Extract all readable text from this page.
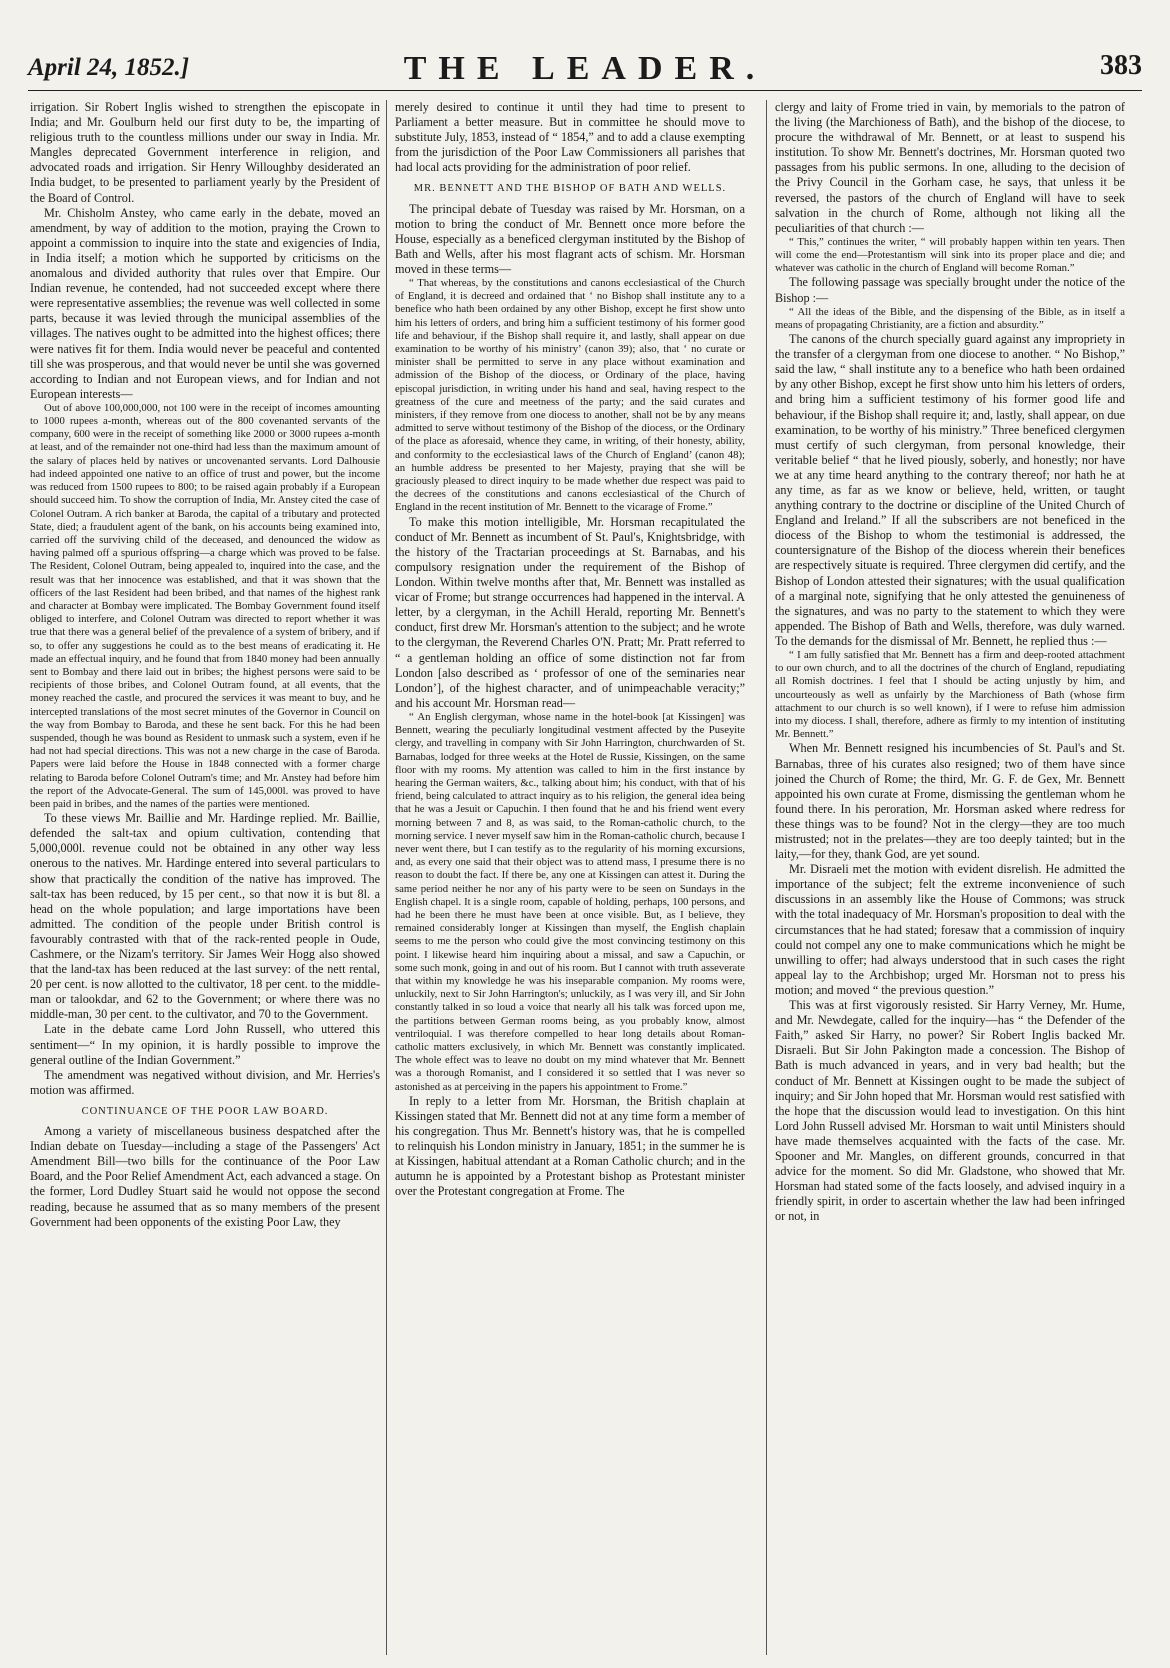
April 24, 1852.]	THE LEADER.	383

irrigation. Sir Robert Inglis wished to strengthen the episcopate in India; and Mr. Goulburn held our first duty to be, the imparting of religious truth to the countless millions under our sway in India. Mr. Mangles deprecated Government interference in religion, and advocated roads and irrigation. Sir Henry Willoughby desiderated an India budget, to be presented to parliament yearly by the President of the Board of Control.

Mr. Chisholm Anstey, who came early in the debate, moved an amendment, by way of addition to the motion, praying the Crown to appoint a commission to inquire into the state and exigencies of India, in India itself; a motion which he supported by criticisms on the anomalous and divided authority that rules over that Empire. Our Indian revenue, he contended, had not succeeded except where there were representative assemblies; the revenue was well collected in some parts, because it was levied through the municipal assemblies of the villages. The natives ought to be admitted into the highest offices; there were natives fit for them. India would never be peaceful and contented till she was prosperous, and that would never be until she was governed according to Indian and not European views, and for Indian and not European interests—

Out of above 100,000,000, not 100 were in the receipt of incomes amounting to 1000 rupees a-month, whereas out of the 800 covenanted servants of the company, 600 were in the receipt of something like 2000 or 3000 rupees a-month at least, and of the remainder not one-third had less than the maximum amount of the salary of places held by natives or uncovenanted servants. Lord Dalhousie had indeed appointed one native to an office of trust and power, but the income was reduced from 1500 rupees to 800; to be raised again probably if a European should succeed him. To show the corruption of India, Mr. Anstey cited the case of Colonel Outram. A rich banker at Baroda, the capital of a tributary and protected State, died; a fraudulent agent of the bank, on his accounts being examined into, carried off the surviving child of the deceased, and denounced the widow as having palmed off a spurious offspring—a charge which was proved to be false. The Resident, Colonel Outram, being appealed to, inquired into the case, and the result was that her innocence was established, and that it was shown that the officers of the last Resident had been bribed, and that names of the highest rank and character at Bombay were implicated. The Bombay Government found itself obliged to interfere, and Colonel Outram was directed to report whether it was true that there was a general belief of the prevalence of a system of bribery, and if so, to offer any suggestions he could as to the best means of eradicating it. He made an effectual inquiry, and he found that from 1840 money had been annually sent to Bombay and there laid out in bribes; the highest persons were said to be recipients of those bribes, and Colonel Outram found, at all events, that the money reached the castle, and procured the services it was meant to buy, and he intercepted translations of the most secret minutes of the Governor in Council on the way from Bombay to Baroda, and these he sent back. For this he had been suspended, though he was bound as Resident to unmask such a system, even if he had not had special directions. This was not a new charge in the case of Baroda. Papers were laid before the House in 1848 connected with a former charge relating to Baroda before Colonel Outram's time; and Mr. Anstey had before him the report of the Advocate-General. The sum of 145,000l. was proved to have been paid in bribes, and the names of the parties were mentioned.

To these views Mr. Baillie and Mr. Hardinge replied. Mr. Baillie, defended the salt-tax and opium cultivation, contending that 5,000,000l. revenue could not be obtained in any other way less onerous to the natives. Mr. Hardinge entered into several particulars to show that practically the condition of the native has improved. The salt-tax has been reduced, by 15 per cent., so that now it is but 8l. a head on the whole population; and large importations have been admitted. The condition of the people under British control is favourably contrasted with that of the rack-rented people in Oude, Cashmere, or the Nizam's territory. Sir James Weir Hogg also showed that the land-tax has been reduced at the last survey: of the nett rental, 20 per cent. is now allotted to the cultivator, 18 per cent. to the middle-man or talookdar, and 62 to the Government; or where there was no middle-man, 30 per cent. to the cultivator, and 70 to the Government.

Late in the debate came Lord John Russell, who uttered this sentiment—“ In my opinion, it is hardly possible to improve the general outline of the Indian Government.”

The amendment was negatived without division, and Mr. Herries's motion was affirmed.

CONTINUANCE OF THE POOR LAW BOARD.

Among a variety of miscellaneous business despatched after the Indian debate on Tuesday—including a stage of the Passengers' Act Amendment Bill—two bills for the continuance of the Poor Law Board, and the Poor Relief Amendment Act, each advanced a stage. On the former, Lord Dudley Stuart said he would not oppose the second reading, because he assumed that as so many members of the present Government had been opponents of the existing Poor Law, they

merely desired to continue it until they had time to present to Parliament a better measure. But in committee he should move to substitute July, 1853, instead of “ 1854,” and to add a clause exempting from the jurisdiction of the Poor Law Commissioners all parishes that had local acts providing for the administration of poor relief.

MR. BENNETT AND THE BISHOP OF BATH AND WELLS.

The principal debate of Tuesday was raised by Mr. Horsman, on a motion to bring the conduct of Mr. Bennett once more before the House, especially as a beneficed clergyman instituted by the Bishop of Bath and Wells, after his most flagrant acts of schism. Mr. Horsman moved in these terms—

“ That whereas, by the constitutions and canons ecclesiastical of the Church of England, it is decreed and ordained that ‘ no Bishop shall institute any to a benefice who hath been ordained by any other Bishop, except he first show unto him his letters of orders, and bring him a sufficient testimony of his former good life and behaviour, if the Bishop shall require it, and lastly, shall appear on due examination to be worthy of his ministry’ (canon 39); also, that ‘ no curate or minister shall be permitted to serve in any place without examination and admission of the Bishop of the diocess, or Ordinary of the place, having episcopal jurisdiction, in writing under his hand and seal, having respect to the greatness of the cure and meetness of the party; and the said curates and ministers, if they remove from one diocess to another, shall not be by any means admitted to serve without testimony of the Bishop of the diocess, or the Ordinary of the place as aforesaid, whence they came, in writing, of their honesty, ability, and conformity to the ecclesiastical laws of the Church of England’ (canon 48); an humble address be presented to her Majesty, praying that she will be graciously pleased to direct inquiry to be made whether due respect was paid to the decrees of the constitutions and canons ecclesiastical of the Church of England in the recent institution of Mr. Bennett to the vicarage of Frome.”

To make this motion intelligible, Mr. Horsman recapitulated the conduct of Mr. Bennett as incumbent of St. Paul's, Knightsbridge, with the history of the Tractarian proceedings at St. Barnabas, and his compulsory resignation under the requirement of the Bishop of London. Within twelve months after that, Mr. Bennett was installed as vicar of Frome; but strange occurrences had happened in the interval. A letter, by a clergyman, in the Achill Herald, reporting Mr. Bennett's conduct, first drew Mr. Horsman's attention to the subject; and he wrote to the clergyman, the Reverend Charles O'N. Pratt; Mr. Pratt referred to “ a gentleman holding an office of some distinction not far from London [also described as ‘ professor of one of the seminaries near London’], of the highest character, and of unimpeachable veracity;” and his account Mr. Horsman read—

“ An English clergyman, whose name in the hotel-book [at Kissingen] was Bennett, wearing the peculiarly longitudinal vestment affected by the Puseyite clergy, and travelling in company with Sir John Harrington, churchwarden of St. Barnabas, lodged for three weeks at the Hotel de Russie, Kissingen, on the same floor with my rooms. My attention was called to him in the first instance by hearing the German waiters, &c., talking about him; his conduct, with that of his friend, being calculated to attract inquiry as to his religion, the general idea being that he was a Jesuit or Capuchin. I then found that he and his friend went every morning between 7 and 8, as was said, to the Roman-catholic church, to the morning service. I never myself saw him in the Roman-catholic church, because I never went there, but I can testify as to the regularity of his morning excursions, and, as every one said that their object was to attend mass, I presume there is no reason to doubt the fact. If there be, any one at Kissingen can attest it. During the same period neither he nor any of his party were to be seen on Sundays in the English chapel. It is a single room, capable of holding, perhaps, 100 persons, and had he been there he must have been at once visible. But, as I believe, they remained considerably longer at Kissingen than myself, the English chaplain seems to me the person who could give the most convincing testimony on this point. I likewise heard him inquiring about a missal, and saw a Capuchin, or some such monk, going in and out of his room. But I cannot with truth asseverate that within my knowledge he was his inseparable companion. My rooms were, unluckily, next to Sir John Harrington's; unluckily, as I was very ill, and Sir John constantly talked in so loud a voice that nearly all his talk was forced upon me, the partitions between German rooms being, as you probably know, almost ventriloquial. I was therefore compelled to hear long details about Roman-catholic matters exclusively, in which Mr. Bennett was constantly implicated. The whole effect was to leave no doubt on my mind whatever that Mr. Bennett was a thorough Romanist, and I considered it so settled that I was never so astonished as at perceiving in the papers his appointment to Frome.”

In reply to a letter from Mr. Horsman, the British chaplain at Kissingen stated that Mr. Bennett did not at any time form a member of his congregation. Thus Mr. Bennett's history was, that he is compelled to relinquish his London ministry in January, 1851; in the summer he is at Kissingen, habitual attendant at a Roman Catholic church; and in the autumn he is appointed by a Protestant bishop as Protestant minister over the Protestant congregation at Frome. The

clergy and laity of Frome tried in vain, by memorials to the patron of the living (the Marchioness of Bath), and the bishop of the diocese, to procure the withdrawal of Mr. Bennett, or at least to suspend his institution. To show Mr. Bennett's doctrines, Mr. Horsman quoted two passages from his public sermons. In one, alluding to the decision of the Privy Council in the Gorham case, he says, that unless it be reversed, the pastors of the church of England will have to seek salvation in the church of Rome, although not liking all the peculiarities of that church :—

“ This,” continues the writer, “ will probably happen within ten years. Then will come the end—Protestantism will sink into its proper place and die; and whatever was catholic in the church of England will become Roman.”

The following passage was specially brought under the notice of the Bishop :—

“ All the ideas of the Bible, and the dispensing of the Bible, as in itself a means of propagating Christianity, are a fiction and absurdity.”

The canons of the church specially guard against any impropriety in the transfer of a clergyman from one diocese to another. “ No Bishop,” said the law, “ shall institute any to a benefice who hath been ordained by any other Bishop, except he first show unto him his letters of orders, and bring him a sufficient testimony of his former good life and behaviour, if the Bishop shall require it; and, lastly, shall appear, on due examination, to be worthy of his ministry.” Three beneficed clergymen must certify of such clergyman, from personal knowledge, their veritable belief “ that he lived piously, soberly, and honestly; nor have we at any time heard anything to the contrary thereof; nor hath he at any time, as far as we know or believe, held, written, or taught anything contrary to the doctrine or discipline of the United Church of England and Ireland.” If all the subscribers are not beneficed in the diocess of the Bishop to whom the testimonial is addressed, the countersignature of the Bishop of the diocess wherein their benefices are respectively situate is required. Three clergymen did certify, and the Bishop of London attested their signatures; with the usual qualification of a marginal note, signifying that he only attested the genuineness of the signatures, and was no party to the statement to which they were appended. The Bishop of Bath and Wells, therefore, was duly warned. To the demands for the dismissal of Mr. Bennett, he replied thus :—

“ I am fully satisfied that Mr. Bennett has a firm and deep-rooted attachment to our own church, and to all the doctrines of the church of England, repudiating all Romish doctrines. I feel that I should be acting unjustly by him, and uncourteously as well as unfairly by the Marchioness of Bath (whose firm attachment to our church is so well known), if I were to refuse him admission into my diocess. I shall, therefore, adhere as firmly to my intention of instituting Mr. Bennett.”

When Mr. Bennett resigned his incumbencies of St. Paul's and St. Barnabas, three of his curates also resigned; two of them have since joined the Church of Rome; the third, Mr. G. F. de Gex, Mr. Bennett appointed his own curate at Frome, dismissing the gentleman whom he found there. In his peroration, Mr. Horsman asked where redress for these things was to be found? Not in the clergy—they are too much mistrusted; not in the prelates—they are too deeply tainted; but in the laity,—for they, thank God, are yet sound.

Mr. Disraeli met the motion with evident disrelish. He admitted the importance of the subject; felt the extreme inconvenience of such discussions in an assembly like the House of Commons; was struck with the total inadequacy of Mr. Horsman's proposition to deal with the circumstances that he had stated; foresaw that a commission of inquiry could not compel any one to make communications which he might be unwilling to offer; had always understood that in such cases the right appeal lay to the Archbishop; urged Mr. Horsman not to press his motion; and moved “ the previous question.”

This was at first vigorously resisted. Sir Harry Verney, Mr. Hume, and Mr. Newdegate, called for the inquiry—has “ the Defender of the Faith,” asked Sir Harry, no power? Sir Robert Inglis backed Mr. Disraeli. But Sir John Pakington made a concession. The Bishop of Bath is much advanced in years, and in very bad health; but the conduct of Mr. Bennett at Kissingen ought to be made the subject of inquiry; and Sir John hoped that Mr. Horsman would rest satisfied with the hope that the discussion would lead to investigation. On this hint Lord John Russell advised Mr. Horsman to wait until Ministers should have made themselves acquainted with the facts of the case. Mr. Spooner and Mr. Mangles, on different grounds, concurred in that advice for the moment. So did Mr. Gladstone, who showed that Mr. Horsman had stated some of the facts loosely, and advised inquiry in a friendly spirit, in order to ascertain whether the law had been infringed or not, in
